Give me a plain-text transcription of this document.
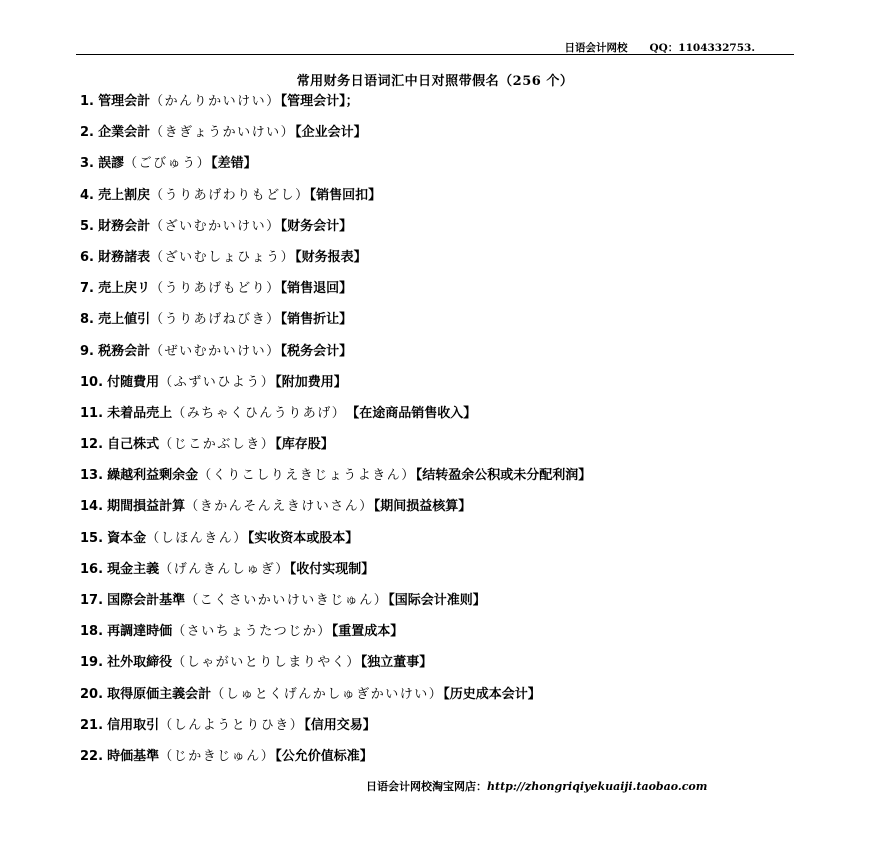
日语会计网校 QQ：1104332753.
常用财务日语词汇中日对照带假名（256 个）
1. 管理会計（かんりかいけい）【管理会计】；
2. 企業会計（きぎょうかいけい）【企业会计】
3. 誤謬（ごびゅう）【差错】
4. 売上割戻（うりあげわりもどし）【销售回扣】
5. 財務会計（ざいむかいけい）【财务会计】
6. 財務諸表（ざいむしょひょう）【财务报表】
7. 売上戻リ（うりあげもどり）【销售退回】
8. 売上値引（うりあげねびき）【销售折让】
9. 税務会計（ぜいむかいけい）【税务会计】
10. 付随費用（ふずいひよう）【附加费用】
11. 未着品売上（みちゃくひんうりあげ）　【在途商品销售收入】
12. 自己株式（じこかぶしき）【库存股】
13. 繰越利益剰余金（くりこしりえきじょうよきん）【结转盈余公积或未分配利润】
14. 期間損益計算（きかんそんえきけいさん）【期间损益核算】
15. 資本金（しほんきん）【实收资本或股本】
16. 現金主義（げんきんしゅぎ）【收付实现制】
17. 国際会計基準（こくさいかいけいきじゅん）【国际会计准则】
18. 再調達時価（さいちょうたつじか）【重置成本】
19. 社外取締役（しゃがいとりしまりやく）【独立董事】
20. 取得原価主義会計（しゅとくげんかしゅぎかいけい）【历史成本会计】
21. 信用取引（しんようとりひき）【信用交易】
22. 時価基準（じかきじゅん）【公允价值标准】
日语会计网校淘宝网店：http://zhongriqiyekuaiji.taobao.com
